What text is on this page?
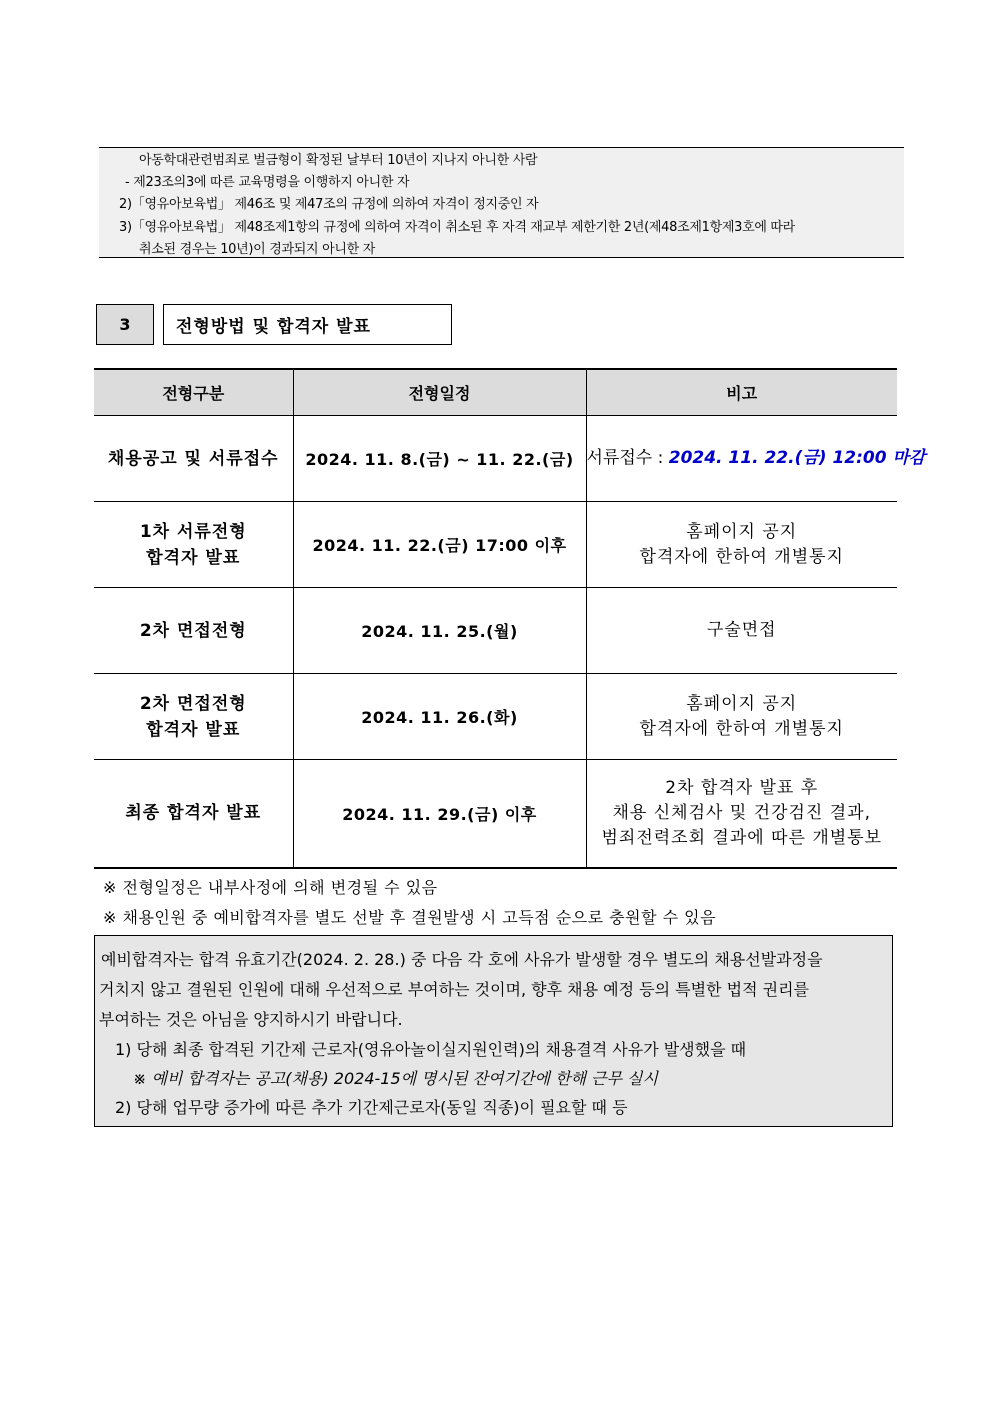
아동학대관련범죄로 벌금형이 확정된 날부터 10년이 지나지 아니한 사람
- 제23조의3에 따른 교육명령을 이행하지 아니한 자
2)「영유아보육법」 제46조 및 제47조의 규정에 의하여 자격이 정지중인 자
3)「영유아보육법」 제48조제1항의 규정에 의하여 자격이 취소된 후 자격 재교부 제한기한 2년(제48조제1항제3호에 따라
취소된 경우는 10년)이 경과되지 아니한 자
3	전형방법 및 합격자 발표
전형구분	전형일정	비고

채용공고 및 서류접수	2024. 11. 8.(금) ~ 11. 22.(금)	서류접수 : 2024. 11. 22.(금) 12:00 마감

1차 서류전형
합격자 발표	2024. 11. 22.(금) 17:00 이후	홈페이지 공지
합격자에 한하여 개별통지

2차 면접전형	2024. 11. 25.(월)	구술면접

2차 면접전형
합격자 발표	2024. 11. 26.(화)	홈페이지 공지
합격자에 한하여 개별통지

최종 합격자 발표	2024. 11. 29.(금) 이후	2차 합격자 발표 후
채용 신체검사 및 건강검진 결과,
범죄전력조회 결과에 따른 개별통보
※ 전형일정은 내부사정에 의해 변경될 수 있음
※ 채용인원 중 예비합격자를 별도 선발 후 결원발생 시 고득점 순으로 충원할 수 있음
예비합격자는 합격 유효기간(2024. 2. 28.) 중 다음 각 호에 사유가 발생할 경우 별도의 채용선발과정을
거치지 않고 결원된 인원에 대해 우선적으로 부여하는 것이며, 향후 채용 예정 등의 특별한 법적 권리를
부여하는 것은 아님을 양지하시기 바랍니다.
1) 당해 최종 합격된 기간제 근로자(영유아놀이실지원인력)의 채용결격 사유가 발생했을 때
※ 예비 합격자는 공고(채용) 2024-15에 명시된 잔여기간에 한해 근무 실시
2) 당해 업무량 증가에 따른 추가 기간제근로자(동일 직종)이 필요할 때 등
